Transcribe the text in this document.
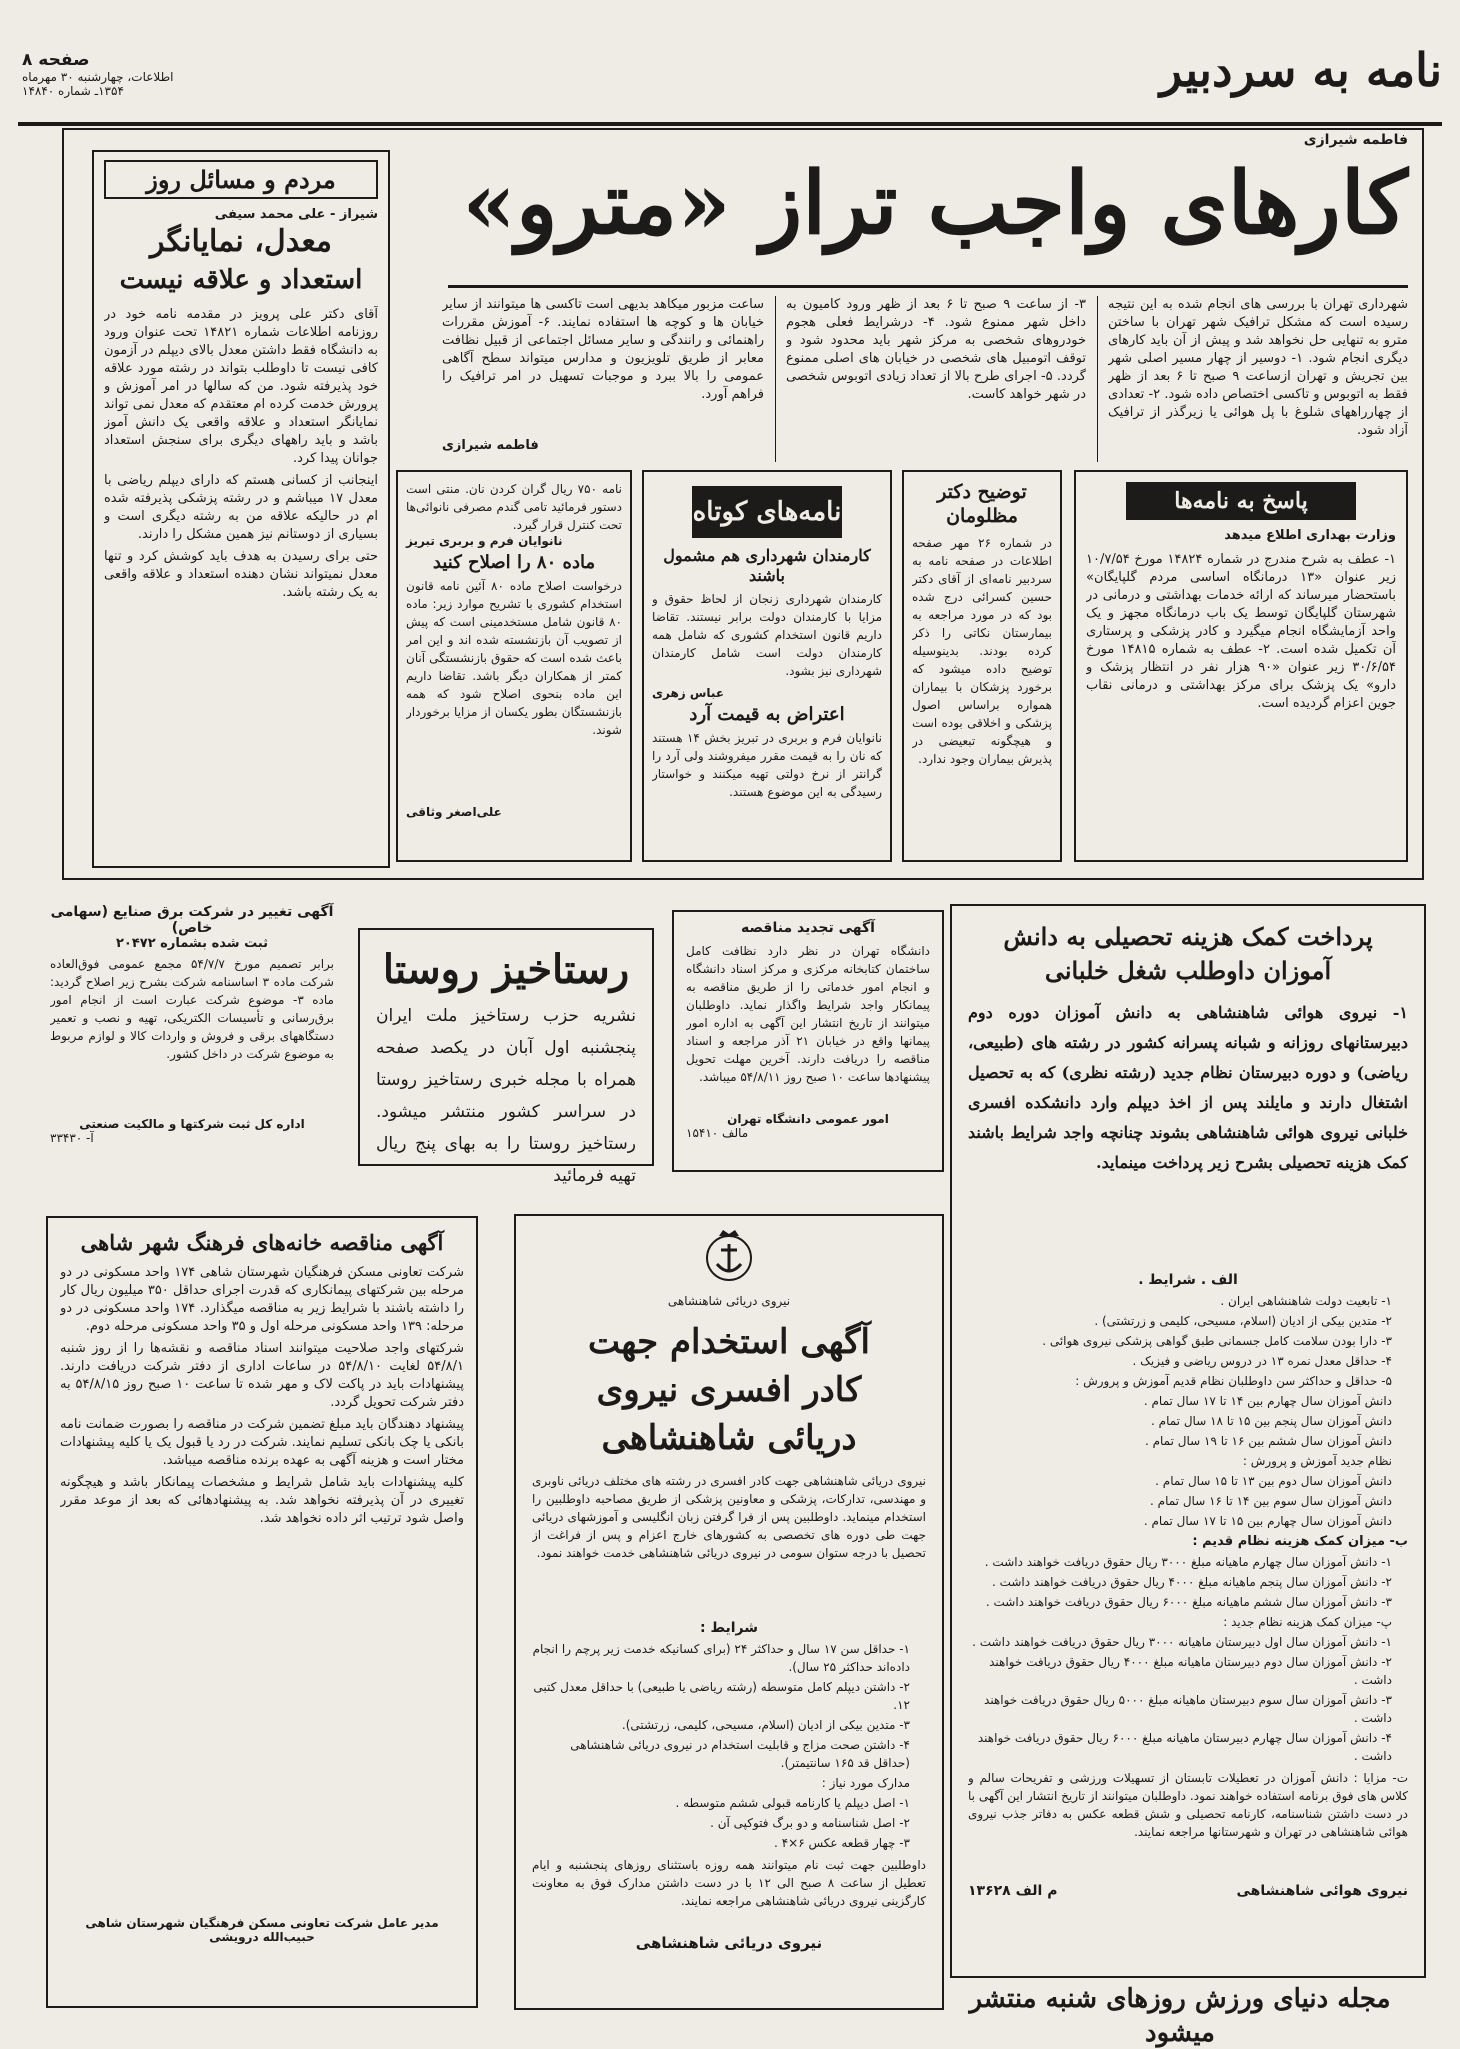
نامه به سردبیر
صفحه ۸
اطلاعات، چهارشنبه ۳۰ مهرماه
۱۳۵۴ـ شماره ۱۴۸۴۰
فاطمه شیرازی
کارهای واجب تراز «مترو»
شهرداری تهران با بررسی های انجام شده به این نتیجه رسیده است که مشکل ترافیک شهر تهران با ساختن مترو به تنهایی حل نخواهد شد و پیش از آن باید کارهای دیگری انجام شود. ۱- دوسیر از چهار مسیر اصلی شهر بین تجریش و تهران ازساعت ۹ صبح تا ۶ بعد از ظهر فقط به اتوبوس و تاکسی اختصاص داده شود. ۲- تعدادی از چهارراههای شلوغ با پل هوائی یا زیرگذر از ترافیک آزاد شود.
۳- از ساعت ۹ صبح تا ۶ بعد از ظهر ورود کامیون به داخل شهر ممنوع شود. ۴- درشرایط فعلی هجوم خودروهای شخصی به مرکز شهر باید محدود شود و توقف اتومبیل های شخصی در خیابان های اصلی ممنوع گردد. ۵- اجرای طرح بالا از تعداد زیادی اتوبوس شخصی در شهر خواهد کاست.
ساعت مزبور میکاهد بدیهی است تاکسی ها میتوانند از سایر خیابان ها و کوچه ها استفاده نمایند. ۶- آموزش مقررات راهنمائی و رانندگی و سایر مسائل اجتماعی از قبیل نظافت معابر از طریق تلویزیون و مدارس میتواند سطح آگاهی عمومی را بالا ببرد و موجبات تسهیل در امر ترافیک را فراهم آورد.
فاطمه شیرازی
مردم و مسائل روز
شیراز - علی محمد سیفی
معدل، نمایانگر
استعداد و علاقه نیست

آقای دکتر علی پرویز در مقدمه نامه خود در روزنامه اطلاعات شماره ۱۴۸۲۱ تحت عنوان ورود به دانشگاه فقط داشتن معدل بالای دیپلم در آزمون کافی نیست تا داوطلب بتواند در رشته مورد علاقه خود پذیرفته شود. من که سالها در امر آموزش و پرورش خدمت کرده ام معتقدم که معدل نمی تواند نمایانگر استعداد و علاقه واقعی یک دانش آموز باشد و باید راههای دیگری برای سنجش استعداد جوانان پیدا کرد.

اینجانب از کسانی هستم که دارای دیپلم ریاضی با معدل ۱۷ میباشم و در رشته پزشکی پذیرفته شده ام در حالیکه علاقه من به رشته دیگری است و بسیاری از دوستانم نیز همین مشکل را دارند.

حتی برای رسیدن به هدف باید کوشش کرد و تنها معدل نمیتواند نشان دهنده استعداد و علاقه واقعی به یک رشته باشد.

پاسخ به نامه‌ها
وزارت بهداری اطلاع میدهد
۱- عطف به شرح مندرج در شماره ۱۴۸۲۴ مورخ ۱۰/۷/۵۴ زیر عنوان «۱۳ درمانگاه اساسی مردم گلپایگان» باستحضار میرساند که ارائه خدمات بهداشتی و درمانی در شهرستان گلپایگان توسط یک باب درمانگاه مجهز و یک واحد آزمایشگاه انجام میگیرد و کادر پزشکی و پرستاری آن تکمیل شده است. ۲- عطف به شماره ۱۴۸۱۵ مورخ ۳۰/۶/۵۴ زیر عنوان «۹۰ هزار نفر در انتظار پزشک و دارو» یک پزشک برای مرکز بهداشتی و درمانی نقاب جوین اعزام گردیده است.
توضیح دکتر مظلومان
در شماره ۲۶ مهر صفحه اطلاعات در صفحه نامه به سردبیر نامه‌ای از آقای دکتر حسین کسرائی درج شده بود که در مورد مراجعه به بیمارستان نکاتی را ذکر کرده بودند. بدینوسیله توضیح داده میشود که برخورد پزشکان با بیماران همواره براساس اصول پزشکی و اخلاقی بوده است و هیچگونه تبعیضی در پذیرش بیماران وجود ندارد.
نامه‌های کوتاه
کارمندان شهرداری هم مشمول باشند
کارمندان شهرداری زنجان از لحاظ حقوق و مزایا با کارمندان دولت برابر نیستند. تقاضا داریم قانون استخدام کشوری که شامل همه کارمندان دولت است شامل کارمندان شهرداری نیز بشود.
عباس زهری
اعتراض به قیمت آرد
نانوایان فرم و بربری در تبریز بخش ۱۴ هستند که نان را به قیمت مقرر میفروشند ولی آرد را گرانتر از نرخ دولتی تهیه میکنند و خواستار رسیدگی به این موضوع هستند.
نامه ۷۵۰ ریال گران کردن نان. منتی است دستور فرمائید تامی گندم مصرفی نانوائی‌ها تحت کنترل قرار گیرد.
نانوایان فرم و بربری تبریز
ماده ۸۰ را اصلاح کنید
درخواست اصلاح ماده ۸۰ آئین نامه قانون استخدام کشوری با تشریح موارد زیر: ماده ۸۰ قانون شامل مستخدمینی است که پیش از تصویب آن بازنشسته شده اند و این امر باعث شده است که حقوق بازنشستگی آنان کمتر از همکاران دیگر باشد. تقاضا داریم این ماده بنحوی اصلاح شود که همه بازنشستگان بطور یکسان از مزایا برخوردار شوند.
علی‌اصغر وثاقی
آگهی تغییر در شرکت برق صنایع (سهامی خاص)
ثبت شده بشماره ۲۰۴۷۲
برابر تصمیم مورخ ۵۴/۷/۷ مجمع عمومی فوق‌العاده شرکت ماده ۳ اساسنامه شرکت بشرح زیر اصلاح گردید: ماده ۳- موضوع شرکت عبارت است از انجام امور برق‌رسانی و تأسیسات الکتریکی، تهیه و نصب و تعمیر دستگاههای برقی و فروش و واردات کالا و لوازم مربوط به موضوع شرکت در داخل کشور.
اداره کل ثبت شرکتها و مالکیت صنعتی
آ- ۳۳۴۳۰
رستاخیز روستا
نشریه حزب رستاخیز ملت ایران پنجشنبه اول آبان در یکصد صفحه همراه با مجله خبری رستاخیز روستا در سراسر کشور منتشر میشود. رستاخیز روستا را به بهای پنج ریال تهیه فرمائید
آگهی تجدید مناقصه
دانشگاه تهران در نظر دارد نظافت کامل ساختمان کتابخانه مرکزی و مرکز اسناد دانشگاه و انجام امور خدماتی را از طریق مناقصه به پیمانکار واجد شرایط واگذار نماید. داوطلبان میتوانند از تاریخ انتشار این آگهی به اداره امور پیمانها واقع در خیابان ۲۱ آذر مراجعه و اسناد مناقصه را دریافت دارند. آخرین مهلت تحویل پیشنهادها ساعت ۱۰ صبح روز ۵۴/۸/۱۱ میباشد.
امور عمومی دانشگاه تهران
مالف ۱۵۴۱۰
پرداخت کمک هزینه تحصیلی به دانش آموزان داوطلب شغل خلبانی
۱- نیروی هوائی شاهنشاهی به دانش آموزان دوره دوم دبیرستانهای روزانه و شبانه پسرانه کشور در رشته های (طبیعی، ریاضی) و دوره دبیرستان نظام جدید (رشته نظری) که به تحصیل اشتغال دارند و مایلند پس از اخذ دیپلم وارد دانشکده افسری خلبانی نیروی هوائی شاهنشاهی بشوند چنانچه واجد شرایط باشند کمک هزینه تحصیلی بشرح زیر پرداخت مینماید.
الف . شرایط .
۱- تابعیت دولت شاهنشاهی ایران .
۲- متدین بیکی از ادیان (اسلام، مسیحی، کلیمی و زرتشتی) .
۳- دارا بودن سلامت کامل جسمانی طبق گواهی پزشکی نیروی هوائی .
۴- حداقل معدل نمره ۱۳ در دروس ریاضی و فیزیک .
۵- حداقل و حداکثر سن داوطلبان نظام قدیم آموزش و پرورش :
دانش آموزان سال چهارم بین ۱۴ تا ۱۷ سال تمام .
دانش آموزان سال پنجم بین ۱۵ تا ۱۸ سال تمام .
دانش آموزان سال ششم بین ۱۶ تا ۱۹ سال تمام .
نظام جدید آموزش و پرورش :
دانش آموزان سال دوم بین ۱۳ تا ۱۵ سال تمام .
دانش آموزان سال سوم بین ۱۴ تا ۱۶ سال تمام .
دانش آموزان سال چهارم بین ۱۵ تا ۱۷ سال تمام .
ب- میزان کمک هزینه نظام قدیم :
۱- دانش آموزان سال چهارم ماهیانه مبلغ ۳۰۰۰ ریال حقوق دریافت خواهند داشت .
۲- دانش آموزان سال پنجم ماهیانه مبلغ ۴۰۰۰ ریال حقوق دریافت خواهند داشت .
۳- دانش آموزان سال ششم ماهیانه مبلغ ۶۰۰۰ ریال حقوق دریافت خواهند داشت .
پ- میزان کمک هزینه نظام جدید :
۱- دانش آموزان سال اول دبیرستان ماهیانه ۳۰۰۰ ریال حقوق دریافت خواهند داشت .
۲- دانش آموزان سال دوم دبیرستان ماهیانه مبلغ ۴۰۰۰ ریال حقوق دریافت خواهند داشت .
۳- دانش آموزان سال سوم دبیرستان ماهیانه مبلغ ۵۰۰۰ ریال حقوق دریافت خواهند داشت .
۴- دانش آموزان سال چهارم دبیرستان ماهیانه مبلغ ۶۰۰۰ ریال حقوق دریافت خواهند داشت .
ت- مزایا : دانش آموزان در تعطیلات تابستان از تسهیلات ورزشی و تفریحات سالم و کلاس های فوق برنامه استفاده خواهند نمود. داوطلبان میتوانند از تاریخ انتشار این آگهی با در دست داشتن شناسنامه، کارنامه تحصیلی و شش قطعه عکس به دفاتر جذب نیروی هوائی شاهنشاهی در تهران و شهرستانها مراجعه نمایند.
نیروی هوائی شاهنشاهی
م الف ۱۳۶۲۸
مجله دنیای ورزش روزهای شنبه منتشر میشود
آگهی مناقصه خانه‌های فرهنگ شهر شاهی

شرکت تعاونی مسکن فرهنگیان شهرستان شاهی ۱۷۴ واحد مسکونی در دو مرحله بین شرکتهای پیمانکاری که قدرت اجرای حداقل ۳۵۰ میلیون ریال کار را داشته باشند با شرایط زیر به مناقصه میگذارد. ۱۷۴ واحد مسکونی در دو مرحله: ۱۳۹ واحد مسکونی مرحله اول و ۳۵ واحد مسکونی مرحله دوم.

شرکتهای واجد صلاحیت میتوانند اسناد مناقصه و نقشه‌ها را از روز شنبه ۵۴/۸/۱ لغایت ۵۴/۸/۱۰ در ساعات اداری از دفتر شرکت دریافت دارند. پیشنهادات باید در پاکت لاک و مهر شده تا ساعت ۱۰ صبح روز ۵۴/۸/۱۵ به دفتر شرکت تحویل گردد.

پیشنهاد دهندگان باید مبلغ تضمین شرکت در مناقصه را بصورت ضمانت نامه بانکی یا چک بانکی تسلیم نمایند. شرکت در رد یا قبول یک یا کلیه پیشنهادات مختار است و هزینه آگهی به عهده برنده مناقصه میباشد.

کلیه پیشنهادات باید شامل شرایط و مشخصات پیمانکار باشد و هیچگونه تغییری در آن پذیرفته نخواهد شد. به پیشنهادهائی که بعد از موعد مقرر واصل شود ترتیب اثر داده نخواهد شد.

مدیر عامل شرکت تعاونی مسکن فرهنگیان شهرستان شاهی
حبیب‌الله درویشی
نیروی دریائی شاهنشاهی
آگهی استخدام جهت
کادر افسری نیروی
دریائی شاهنشاهی
نیروی دریائی شاهنشاهی جهت کادر افسری در رشته های مختلف دریائی ناوبری و مهندسی، تدارکات، پزشکی و معاونین پزشکی از طریق مصاحبه داوطلبین را استخدام مینماید. داوطلبین پس از فرا گرفتن زبان انگلیسی و آموزشهای دریائی جهت طی دوره های تخصصی به کشورهای خارج اعزام و پس از فراغت از تحصیل با درجه ستوان سومی در نیروی دریائی شاهنشاهی خدمت خواهند نمود.
شرایط :
۱- حداقل سن ۱۷ سال و حداکثر ۲۴ (برای کسانیکه خدمت زیر پرچم را انجام داده‌اند حداکثر ۲۵ سال).
۲- داشتن دیپلم کامل متوسطه (رشته ریاضی یا طبیعی) با حداقل معدل کتبی ۱۲.
۳- متدین بیکی از ادیان (اسلام، مسیحی، کلیمی، زرتشتی).
۴- داشتن صحت مزاج و قابلیت استخدام در نیروی دریائی شاهنشاهی (حداقل قد ۱۶۵ سانتیمتر).
مدارک مورد نیاز :
۱- اصل دیپلم یا کارنامه قبولی ششم متوسطه .
۲- اصل شناسنامه و دو برگ فتوکپی آن .
۳- چهار قطعه عکس ۶×۴ .
داوطلبین جهت ثبت نام میتوانند همه روزه باستثنای روزهای پنجشنبه و ایام تعطیل از ساعت ۸ صبح الی ۱۲ با در دست داشتن مدارک فوق به معاونت کارگزینی نیروی دریائی شاهنشاهی مراجعه نمایند.
نیروی دریائی شاهنشاهی
